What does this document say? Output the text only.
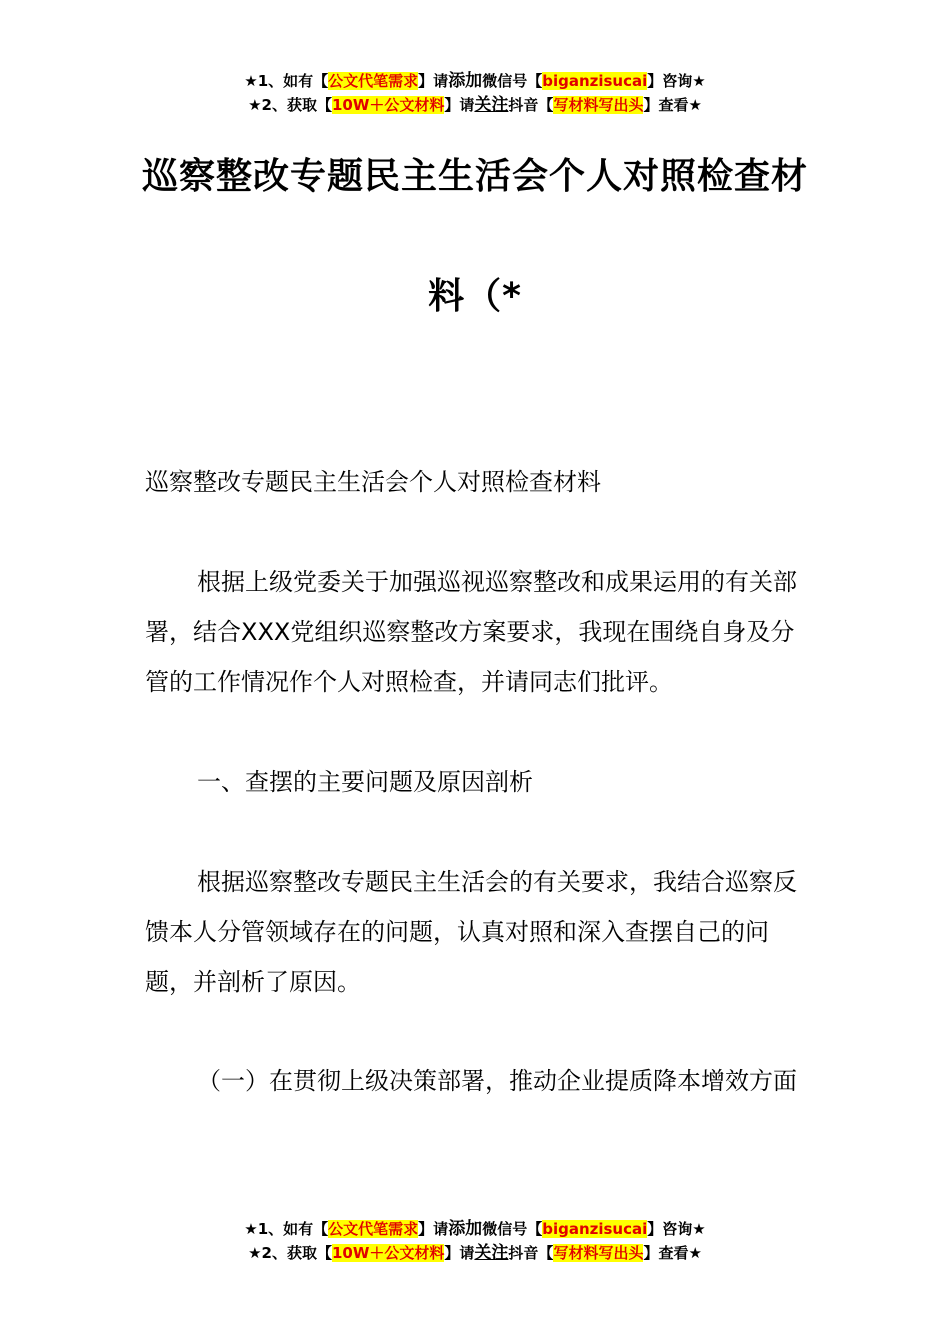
★1、如有【公文代笔需求】请添加微信号【biganzisucai】咨询★
★2、获取【10W＋公文材料】请关注抖音【写材料写出头】查看★
巡察整改专题民主生活会个人对照检查材
料（*
巡察整改专题民主生活会个人对照检查材料
根据上级党委关于加强巡视巡察整改和成果运用的有关部署，结合XXX党组织巡察整改方案要求，我现在围绕自身及分管的工作情况作个人对照检查，并请同志们批评。
一、查摆的主要问题及原因剖析
根据巡察整改专题民主生活会的有关要求，我结合巡察反馈本人分管领域存在的问题，认真对照和深入查摆自己的问题，并剖析了原因。
（一）在贯彻上级决策部署，推动企业提质降本增效方面
★1、如有【公文代笔需求】请添加微信号【biganzisucai】咨询★
★2、获取【10W＋公文材料】请关注抖音【写材料写出头】查看★
